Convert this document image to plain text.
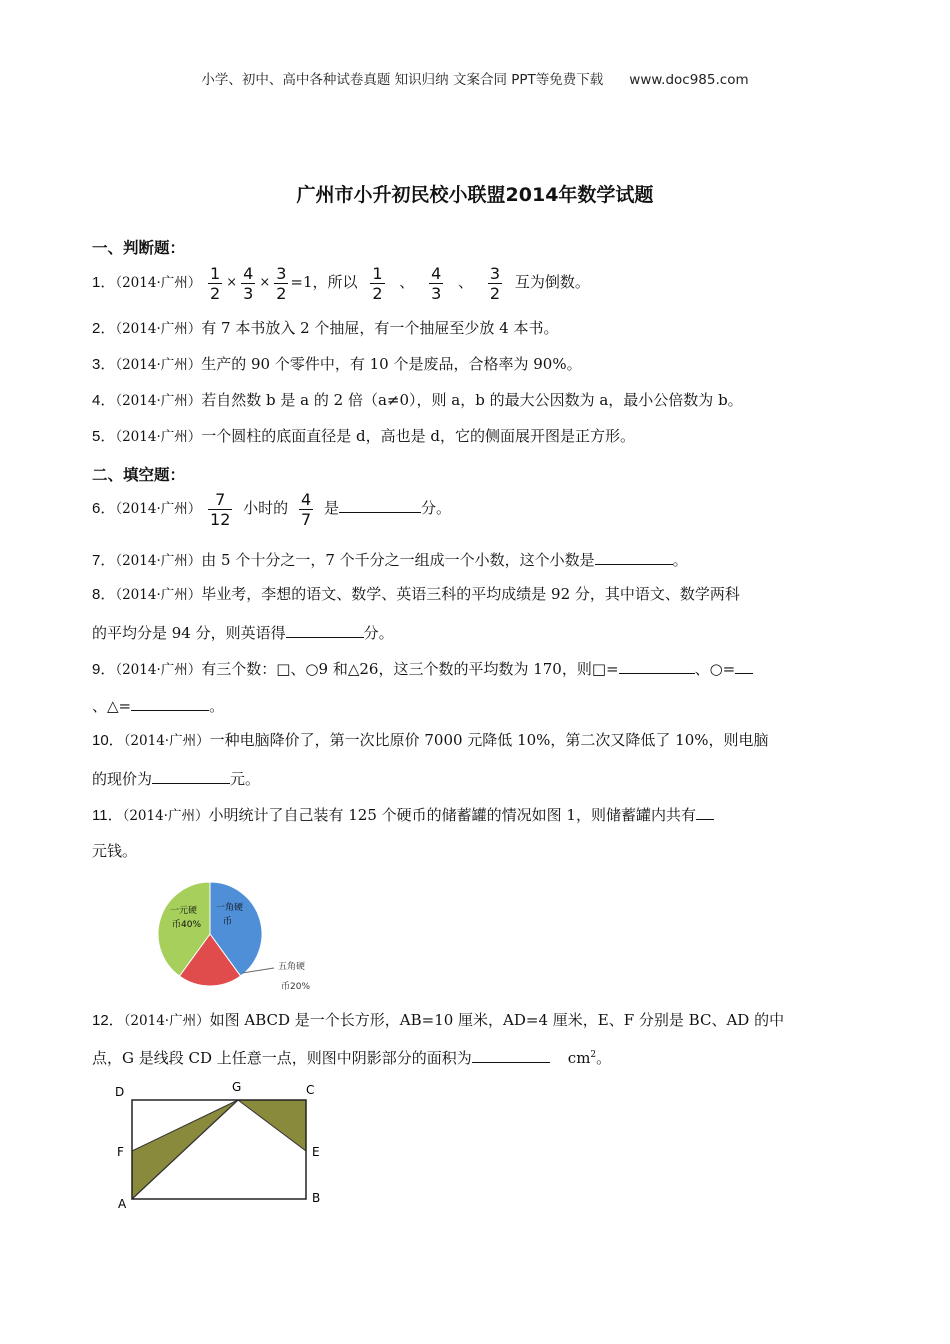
小学、初中、高中各种试卷真题 知识归纳 文案合同 PPT等免费下载 www.doc985.com
广州市小升初民校小联盟2014年数学试题
一、判断题：
1．（2014·广州） $\frac{1}{2} \times \frac{4}{3} \times \frac{3}{2} =1$，所以 $\frac{1}{2}$ 、 $\frac{4}{3}$ 、 $\frac{3}{2}$ 互为倒数。
2．（2014·广州）有 7 本书放入 2 个抽屉，有一个抽屉至少放 4 本书。
3．（2014·广州）生产的 90 个零件中，有 10 个是废品，合格率为 90%。
4．（2014·广州）若自然数 b 是 a 的 2 倍（a≠0），则 a，b 的最大公因数为 a，最小公倍数为 b。
5．（2014·广州）一个圆柱的底面直径是 d，高也是 d，它的侧面展开图是正方形。
二、填空题：
6．（2014·广州） $\frac{7}{12}$ 小时的 $\frac{4}{7}$ 是	分。
7．（2014·广州）由 5 个十分之一，7 个千分之一组成一个小数，这个小数是	。
8．（2014·广州）毕业考，李想的语文、数学、英语三科的平均成绩是 92 分，其中语文、数学两科
的平均分是 94 分，则英语得	分。
9．（2014·广州）有三个数：□、○9 和△26，这三个数的平均数为 170，则□=	、○=
、△=	。
10．（2014·广州）一种电脑降价了，第一次比原价 7000 元降低 10%，第二次又降低了 10%，则电脑
的现价为	元。
11．（2014·广州）小明统计了自己装有 125 个硬币的储蓄罐的情况如图 1，则储蓄罐内共有
元钱。
一角硬
币
一元硬
币40%
五角硬
币20%
12．（2014·广州）如图 ABCD 是一个长方形，AB=10 厘米，AD=4 厘米，E、F 分别是 BC、AD 的中
点，G 是线段 CD 上任意一点，则图中阴影部分的面积为	$cm^2$。
D	G	C
F	E
A	B
